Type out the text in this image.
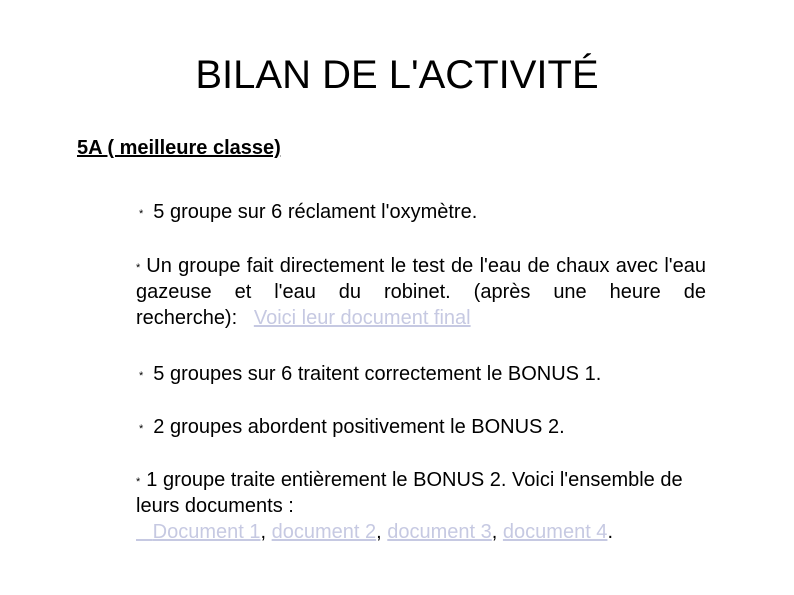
BILAN DE L'ACTIVITÉ
5A ( meilleure classe)
* 5 groupe sur 6 réclament l'oxymètre.
* Un groupe fait directement le test de l'eau de chaux avec l'eau gazeuse et l'eau du robinet. (après une heure de recherche): Voici leur document final
* 5 groupes sur 6 traitent correctement le BONUS 1.
* 2 groupes abordent positivement le BONUS 2.
* 1 groupe traite entièrement le BONUS 2. Voici l'ensemble de leurs documents :
Document 1, document 2, document 3, document 4.
